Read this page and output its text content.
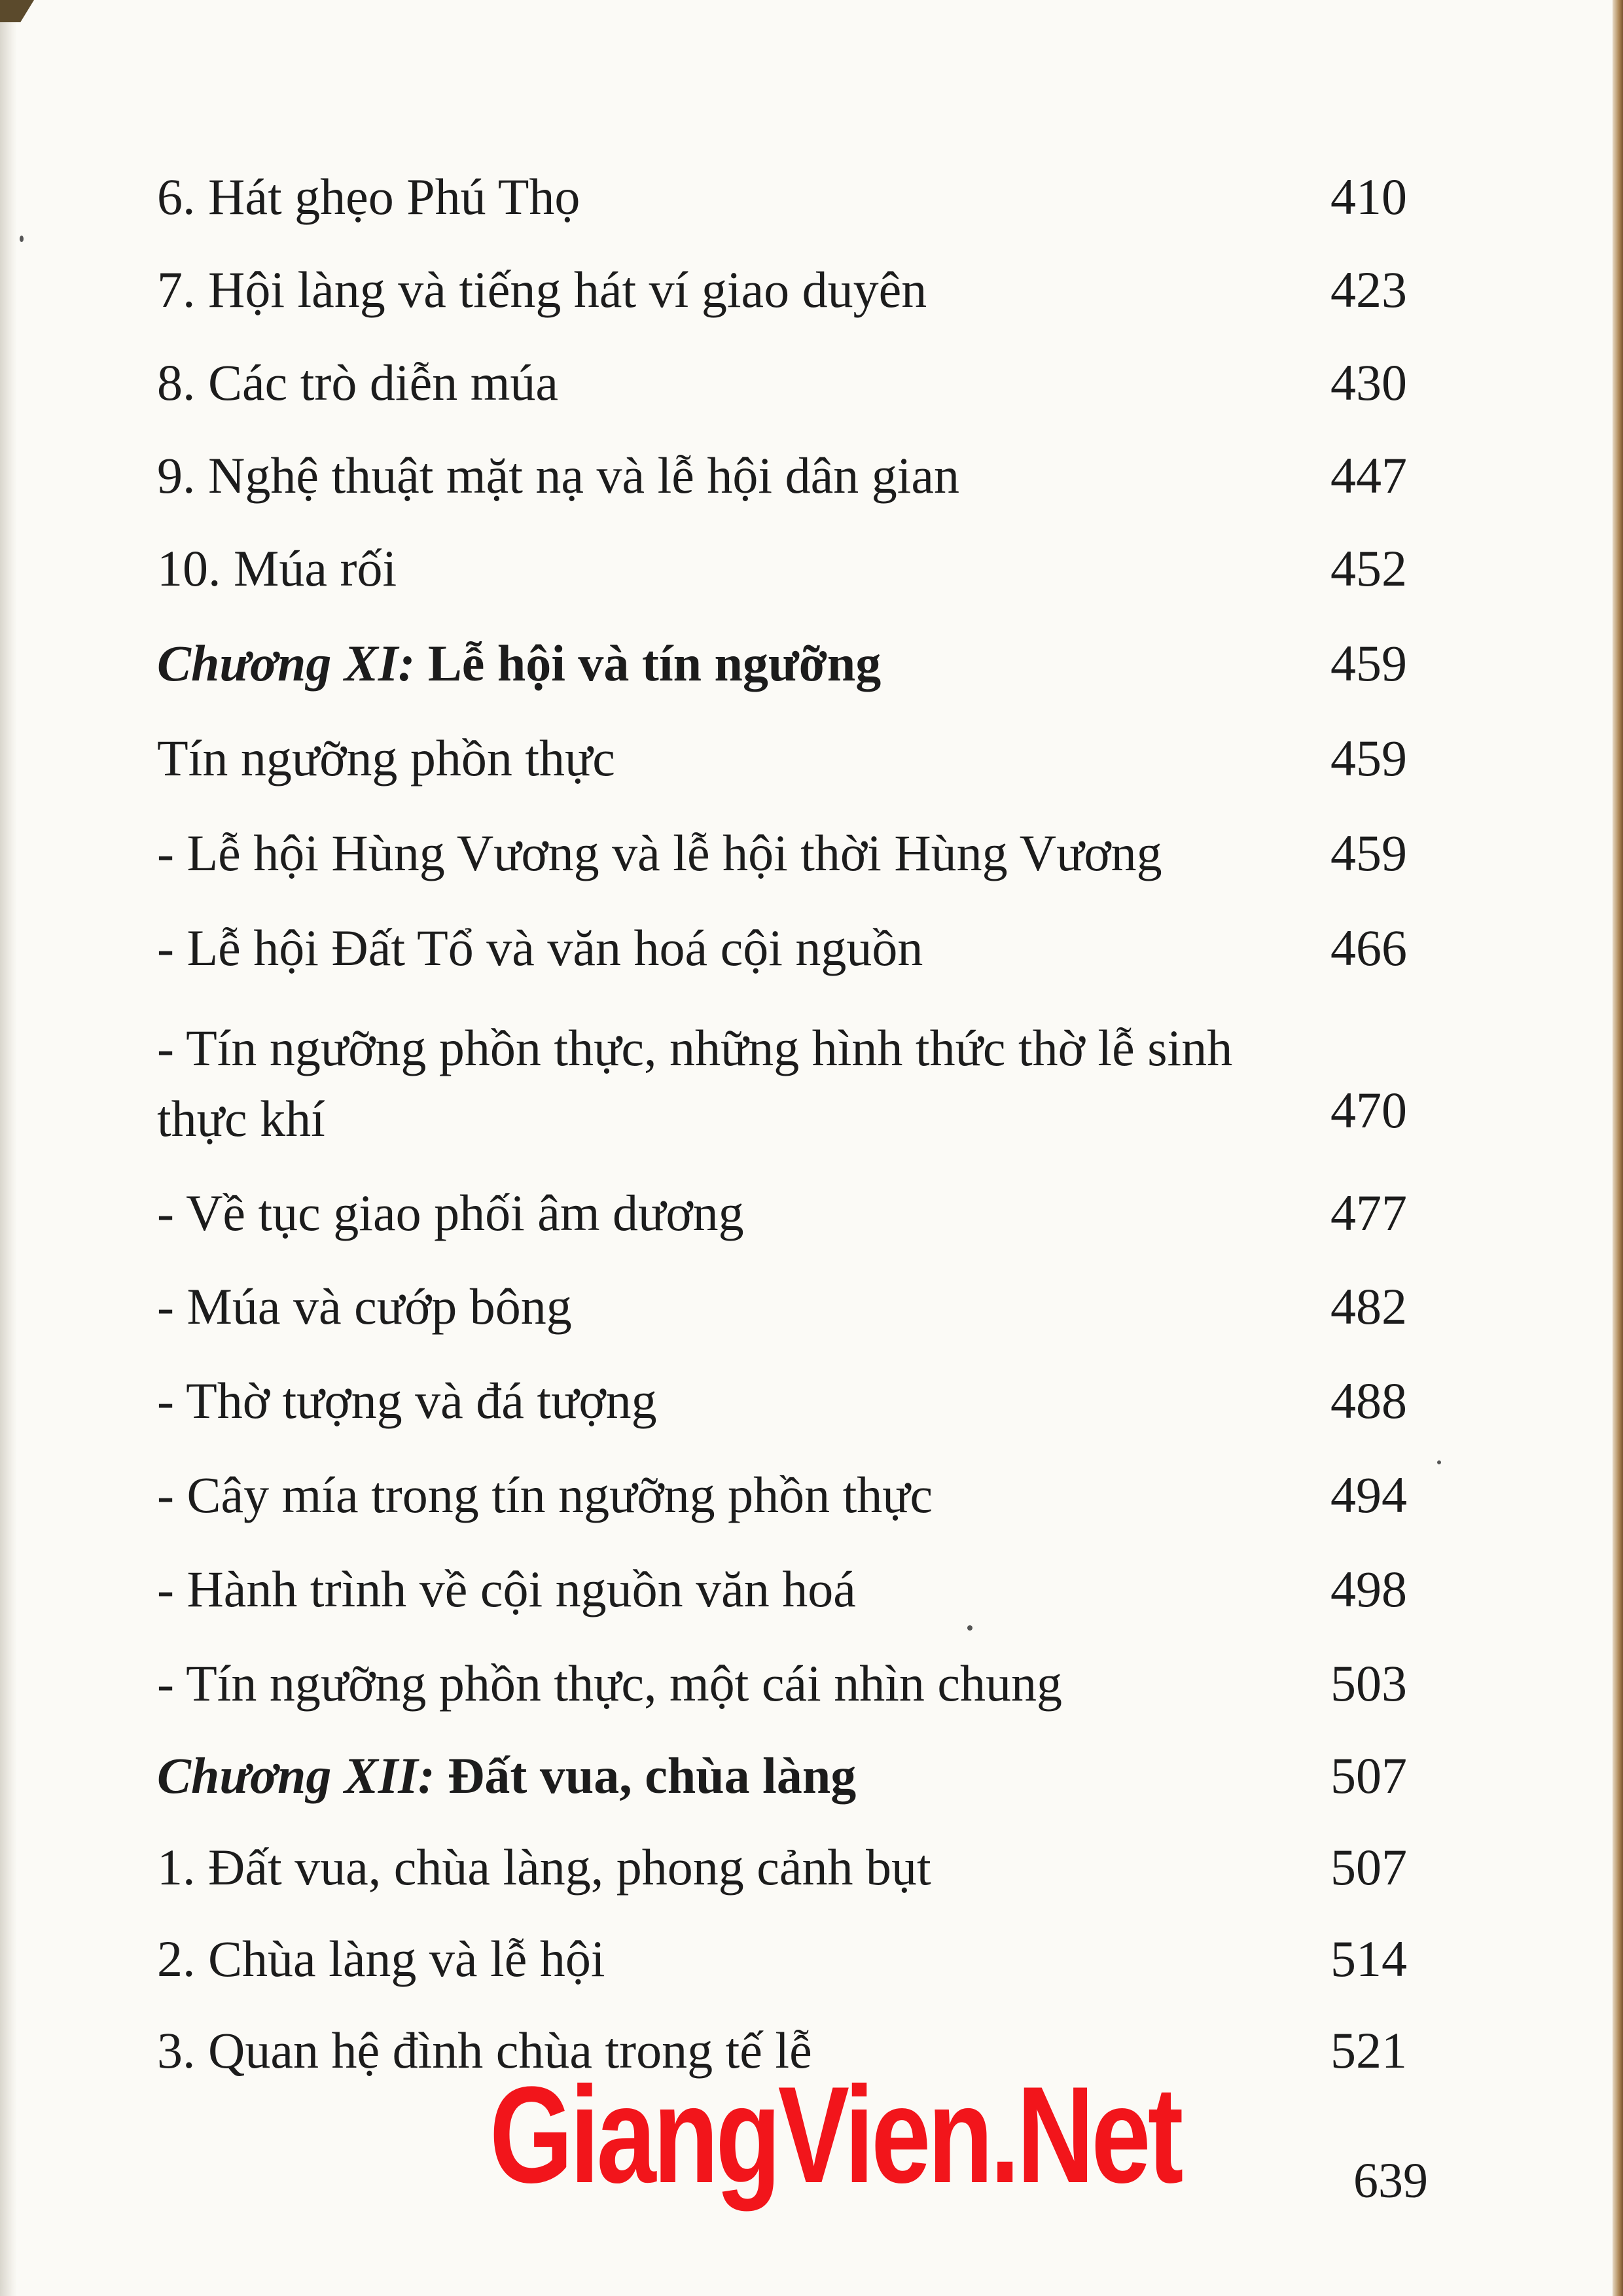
6. Hát ghẹo Phú Thọ	410
7. Hội làng và tiếng hát ví giao duyên	423
8. Các trò diễn múa	430
9. Nghệ thuật mặt nạ và lễ hội dân gian	447
10. Múa rối	452
Chương XI: Lễ hội và tín ngưỡng	459
Tín ngưỡng phồn thực	459
- Lễ hội Hùng Vương và lễ hội thời Hùng Vương	459
- Lễ hội Đất Tổ và văn hoá cội nguồn	466
- Tín ngưỡng phồn thực, những hình thức thờ lễ sinh thực khí	470
- Về tục giao phối âm dương	477
- Múa và cướp bông	482
- Thờ tượng và đá tượng	488
- Cây mía trong tín ngưỡng phồn thực	494
- Hành trình về cội nguồn văn hoá	498
- Tín ngưỡng phồn thực, một cái nhìn chung	503
Chương XII: Đất vua, chùa làng	507
1. Đất vua, chùa làng, phong cảnh bụt	507
2. Chùa làng và lễ hội	514
3. Quan hệ đình chùa trong tế lễ	521
GiangVien.Net	639
